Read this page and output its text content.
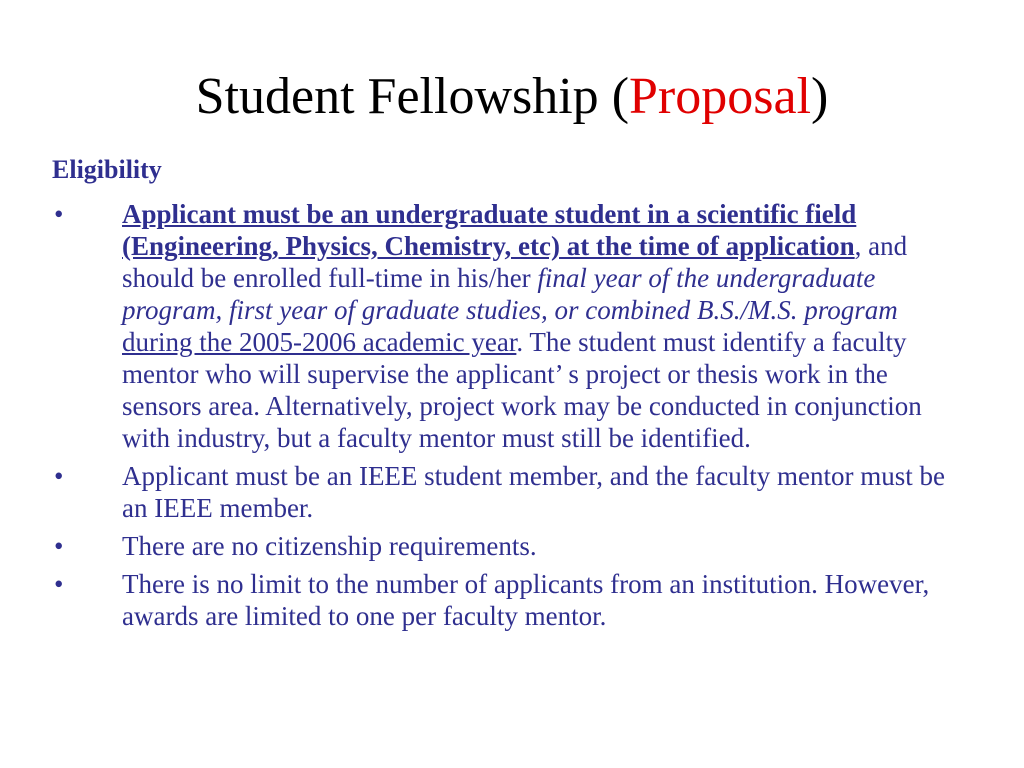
Student Fellowship (Proposal)
Eligibility
•	Applicant must be an undergraduate student in a scientific field (Engineering, Physics, Chemistry, etc) at the time of application, and should be enrolled full-time in his/her final year of the undergraduate program, first year of graduate studies, or combined B.S./M.S. program during the 2005-2006 academic year. The student must identify a faculty mentor who will supervise the applicant’ s project or thesis work in the sensors area. Alternatively, project work may be conducted in conjunction with industry, but a faculty mentor must still be identified.
•	Applicant must be an IEEE student member, and the faculty mentor must be an IEEE member.
•	There are no citizenship requirements.
•	There is no limit to the number of applicants from an institution. However, awards are limited to one per faculty mentor.
